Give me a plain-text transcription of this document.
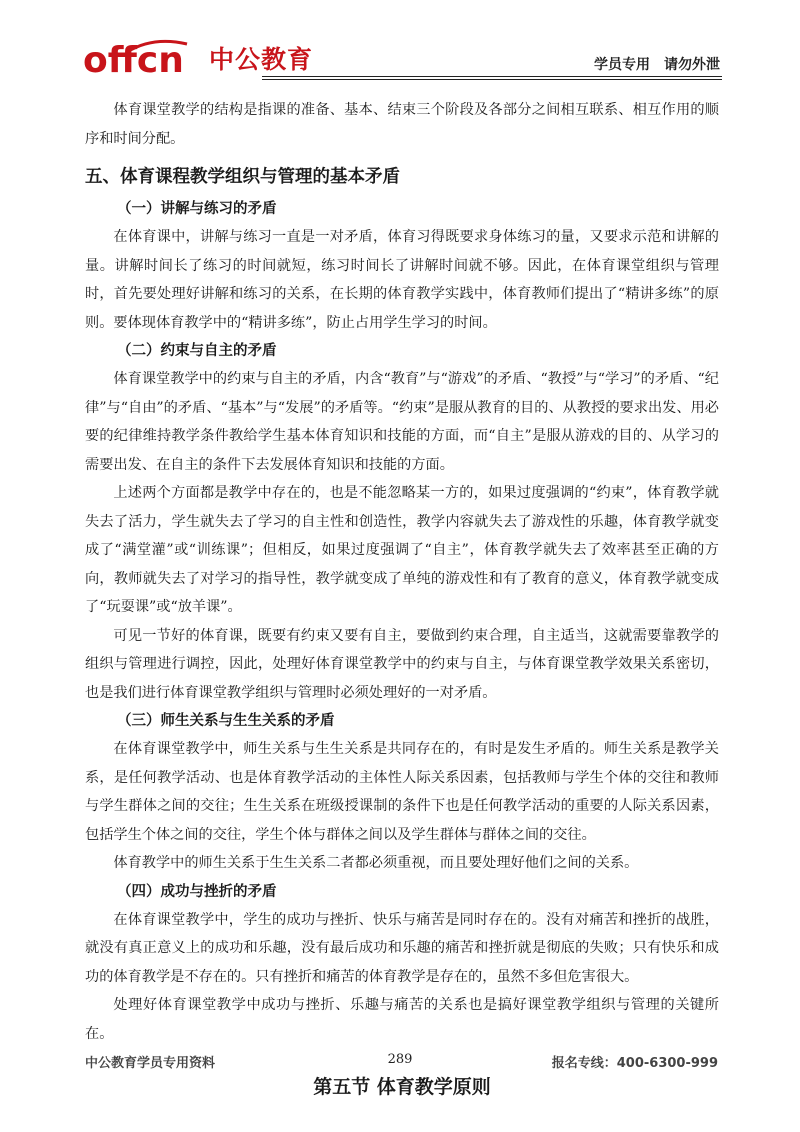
offcn 中公教育	学员专用 请勿外泄

体育课堂教学的结构是指课的准备、基本、结束三个阶段及各部分之间相互联系、相互作用的顺序和时间分配。

五、体育课程教学组织与管理的基本矛盾
（一）讲解与练习的矛盾

在体育课中，讲解与练习一直是一对矛盾，体育习得既要求身体练习的量，又要求示范和讲解的量。讲解时间长了练习的时间就短，练习时间长了讲解时间就不够。因此，在体育课堂组织与管理时，首先要处理好讲解和练习的关系，在长期的体育教学实践中，体育教师们提出了“精讲多练”的原则。要体现体育教学中的“精讲多练”，防止占用学生学习的时间。

（二）约束与自主的矛盾

体育课堂教学中的约束与自主的矛盾，内含“教育”与“游戏”的矛盾、“教授”与“学习”的矛盾、“纪律”与“自由”的矛盾、“基本”与“发展”的矛盾等。“约束”是服从教育的目的、从教授的要求出发、用必要的纪律维持教学条件教给学生基本体育知识和技能的方面，而“自主”是服从游戏的目的、从学习的需要出发、在自主的条件下去发展体育知识和技能的方面。

上述两个方面都是教学中存在的，也是不能忽略某一方的，如果过度强调的“约束”，体育教学就失去了活力，学生就失去了学习的自主性和创造性，教学内容就失去了游戏性的乐趣，体育教学就变成了“满堂灌”或“训练课”；但相反，如果过度强调了“自主”，体育教学就失去了效率甚至正确的方向，教师就失去了对学习的指导性，教学就变成了单纯的游戏性和有了教育的意义，体育教学就变成了“玩耍课”或“放羊课”。

可见一节好的体育课，既要有约束又要有自主，要做到约束合理，自主适当，这就需要靠教学的组织与管理进行调控，因此，处理好体育课堂教学中的约束与自主，与体育课堂教学效果关系密切，也是我们进行体育课堂教学组织与管理时必须处理好的一对矛盾。

（三）师生关系与生生关系的矛盾

在体育课堂教学中，师生关系与生生关系是共同存在的，有时是发生矛盾的。师生关系是教学关系，是任何教学活动、也是体育教学活动的主体性人际关系因素，包括教师与学生个体的交往和教师与学生群体之间的交往；生生关系在班级授课制的条件下也是任何教学活动的重要的人际关系因素，包括学生个体之间的交往，学生个体与群体之间以及学生群体与群体之间的交往。

体育教学中的师生关系于生生关系二者都必须重视，而且要处理好他们之间的关系。

（四）成功与挫折的矛盾

在体育课堂教学中，学生的成功与挫折、快乐与痛苦是同时存在的。没有对痛苦和挫折的战胜，就没有真正意义上的成功和乐趣，没有最后成功和乐趣的痛苦和挫折就是彻底的失败；只有快乐和成功的体育教学是不存在的。只有挫折和痛苦的体育教学是存在的，虽然不多但危害很大。

处理好体育课堂教学中成功与挫折、乐趣与痛苦的关系也是搞好课堂教学组织与管理的关键所在。

第五节 体育教学原则
中公教育学员专用资料	289	报名专线：400-6300-999
